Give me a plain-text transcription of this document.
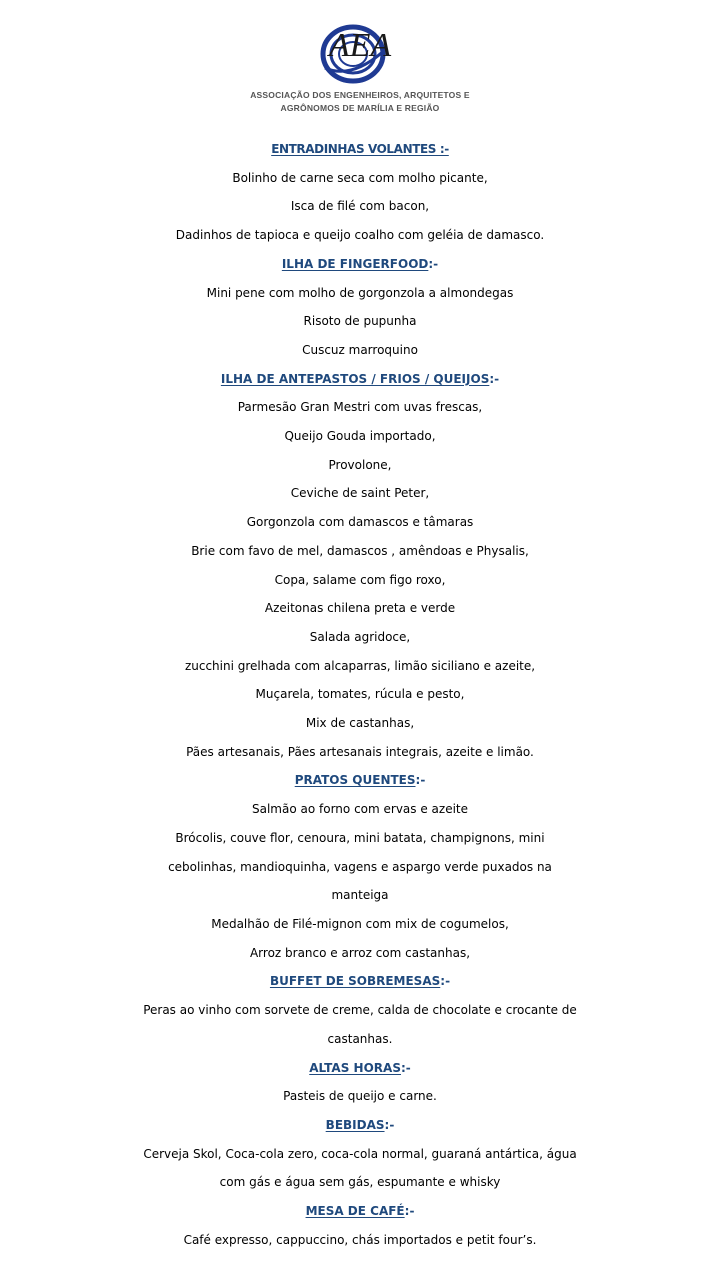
AEA
ASSOCIAÇÃO DOS ENGENHEIROS, ARQUITETOS E
AGRÔNOMOS DE MARÍLIA E REGIÃO
ENTRADINHAS VOLANTES :-
Bolinho de carne seca com molho picante,
Isca de filé com bacon,
Dadinhos de tapioca e queijo coalho com geléia de damasco.
ILHA DE FINGERFOOD:-
Mini pene com molho de gorgonzola a almondegas
Risoto de pupunha
Cuscuz marroquino
ILHA DE ANTEPASTOS / FRIOS / QUEIJOS:-
Parmesão Gran Mestri com uvas frescas,
Queijo Gouda importado,
Provolone,
Ceviche de saint Peter,
Gorgonzola com damascos e tâmaras
Brie com favo de mel, damascos , amêndoas e Physalis,
Copa, salame com figo roxo,
Azeitonas chilena preta e verde
Salada agridoce,
zucchini grelhada com alcaparras, limão siciliano e azeite,
Muçarela, tomates, rúcula e pesto,
Mix de castanhas,
Pães artesanais, Pães artesanais integrais, azeite e limão.
PRATOS QUENTES:-
Salmão ao forno com ervas e azeite
Brócolis, couve flor, cenoura, mini batata, champignons, mini
cebolinhas, mandioquinha, vagens e aspargo verde puxados na
manteiga
Medalhão de Filé-mignon com mix de cogumelos,
Arroz branco e arroz com castanhas,
BUFFET DE SOBREMESAS:-
Peras ao vinho com sorvete de creme, calda de chocolate e crocante de
castanhas.
ALTAS HORAS:-
Pasteis de queijo e carne.
BEBIDAS:-
Cerveja Skol, Coca-cola zero, coca-cola normal, guaraná antártica, água
com gás e água sem gás, espumante e whisky
MESA DE CAFÉ:-
Café expresso, cappuccino, chás importados e petit four’s.
